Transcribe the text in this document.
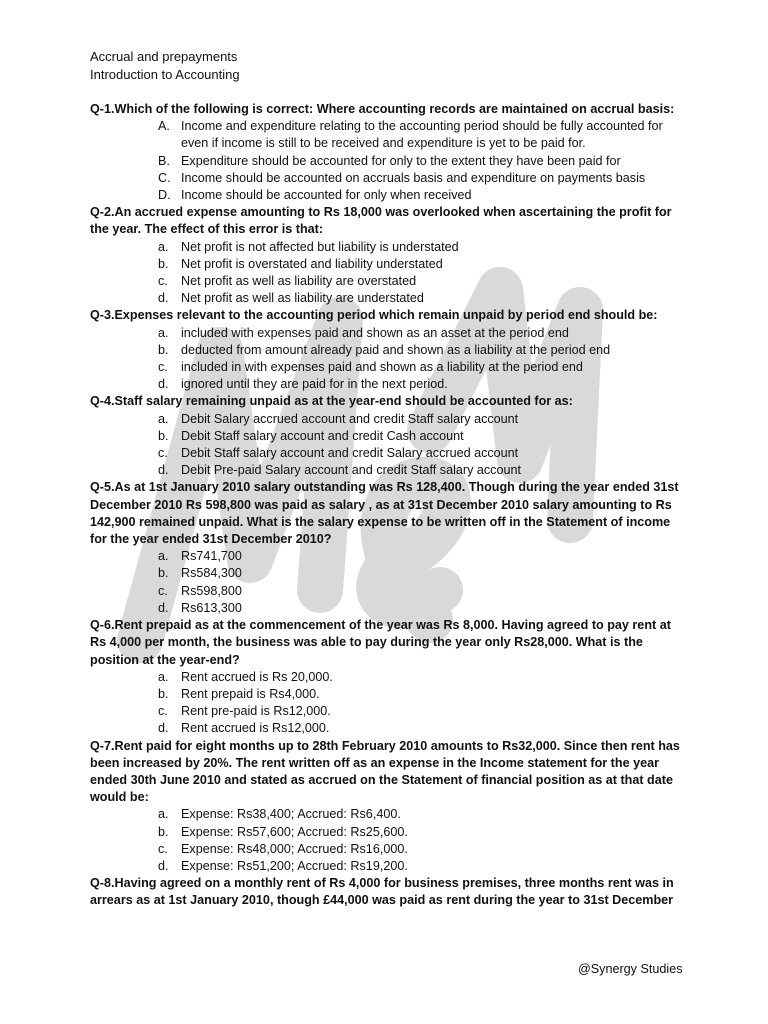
Accrual and prepayments
Introduction to Accounting
Q-1.Which of the following is correct: Where accounting records are maintained on accrual basis:
A. Income and expenditure relating to the accounting period should be fully accounted for even if income is still to be received and expenditure is yet to be paid for.
B. Expenditure should be accounted for only to the extent they have been paid for
C. Income should be accounted on accruals basis and expenditure on payments basis
D. Income should be accounted for only when received
Q-2.An accrued expense amounting to Rs 18,000 was overlooked when ascertaining the profit for the year. The effect of this error is that:
a. Net profit is not affected but liability is understated
b. Net profit is overstated and liability understated
c. Net profit as well as liability are overstated
d. Net profit as well as liability are understated
Q-3.Expenses relevant to the accounting period which remain unpaid by period end should be:
a. included with expenses paid and shown as an asset at the period end
b. deducted from amount already paid and shown as a liability at the period end
c. included in with expenses paid and shown as a liability at the period end
d. ignored until they are paid for in the next period.
Q-4.Staff salary remaining unpaid as at the year-end should be accounted for as:
a. Debit Salary accrued account and credit Staff salary account
b. Debit Staff salary account and credit Cash account
c. Debit Staff salary account and credit Salary accrued account
d. Debit Pre-paid Salary account and credit Staff salary account
Q-5.As at 1st January 2010 salary outstanding was Rs 128,400. Though during the year ended 31st December 2010 Rs 598,800 was paid as salary , as at 31st December 2010 salary amounting to Rs 142,900 remained unpaid. What is the salary expense to be written off in the Statement of income for the year ended 31st December 2010?
a. Rs741,700
b. Rs584,300
c. Rs598,800
d. Rs613,300
Q-6.Rent prepaid as at the commencement of the year was Rs 8,000. Having agreed to pay rent at Rs 4,000 per month, the business was able to pay during the year only Rs28,000. What is the position at the year-end?
a. Rent accrued is Rs 20,000.
b. Rent prepaid is Rs4,000.
c. Rent pre-paid is Rs12,000.
d. Rent accrued is Rs12,000.
Q-7.Rent paid for eight months up to 28th February 2010 amounts to Rs32,000. Since then rent has been increased by 20%. The rent written off as an expense in the Income statement for the year ended 30th June 2010 and stated as accrued on the Statement of financial position as at that date would be:
a. Expense: Rs38,400; Accrued: Rs6,400.
b. Expense: Rs57,600; Accrued: Rs25,600.
c. Expense: Rs48,000; Accrued: Rs16,000.
d. Expense: Rs51,200; Accrued: Rs19,200.
Q-8.Having agreed on a monthly rent of Rs 4,000 for business premises, three months rent was in arrears as at 1st January 2010, though £44,000 was paid as rent during the year to 31st December
@Synergy Studies
